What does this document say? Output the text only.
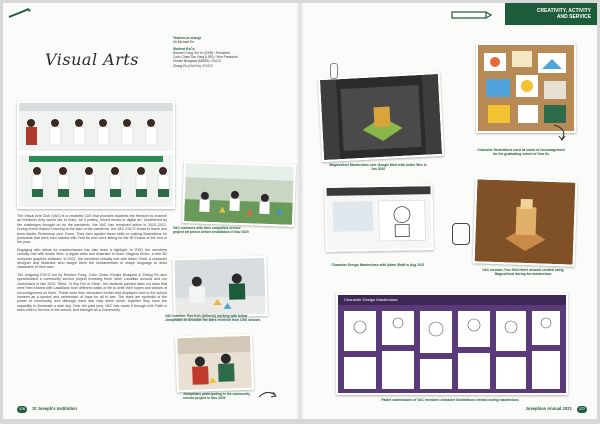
Teacher-in-charge
Mr Michael Ee
Student ExCo
Reuben Fong Xin Yu (SSR) / President
Colin Chaw Tse Yong (LSR) / Vice President
Khushi Bhagwat (MNSS) / ExCO
Zhang Ru (Hui Hu) / EXCO
Visual Arts
VAC members with their completed service project art pieces before installation in Nov 2020
VAC member, Ryo Koh (Alfonso) working with fellow Josephians to decorate the stars received from CBS schools
Josephians participating in the community service project in Nov 2020

The Visual Arts Club (VAC) is a creativity CAS that provides students the freedom to channel art mediums they would like to learn, be it pottery, mixed media or digital art. Undeterred by the challenges brought on by the pandemic, the VAC has remained active in 2020–2021. During Home-Based Learning at the start of the pandemic, the VAC EXCO chose to teach and learn Adobe Photoshop over Zoom. They then applied these skills to making illustrations for postcards that were then shared with Year 6s who were sitting for the IB Exams at the end of the year.

Engaging with artists for masterclasses has also been a highlight. In 2020, the members virtually met with Andre Wee, a digital artist and illustrator to learn 'Magical Kicks', a free 3D computer graphics software. In 2021, the members virtually met with Adam Shaft, a character designer and illustrator who taught them the fundamentals of shape language to draw characters of their own.

The outgoing EXCO led by Reuben Fong, Colin Chaw, Khushi Bhagwat & Zhang Ru also spearheaded a community service project involving three other Lasallian schools and our Josephians in late 2020. Titled, “A Sky Full of Stars”, the students painted laser cut stars that were then shared with Lasallians from different walks of life to write their hopes and wishes of encouragement on them. These were then decorated further and displayed next to the school canteen as a symbol and celebration of hope for all to see. The stars are symbolic of the power of community, and although each star may seem small, together they have the capability to illuminate a dark sky. Over the past year, VAC has made it through with Faith in each other’s Service to the school, and strength as a Community.

176 St Joseph’s Institution
CREATIVITY, ACTIVITY
AND SERVICE
MagicaVoxel Masterclass over Google Meet with Andre Wee in Jun 2020
Character illustrations used as cards of encouragement for the graduating cohort of Year 6s
Character Design Masterclass with Adam Shaft in Aug 2021
VAC member, Foo Shih Han’s artwork created using MagicaVoxel during the masterclass
Character Design Masterclass
Padlet submissions of VAC members character illustrations created during masterclass
Josephian Annual 2021 177
